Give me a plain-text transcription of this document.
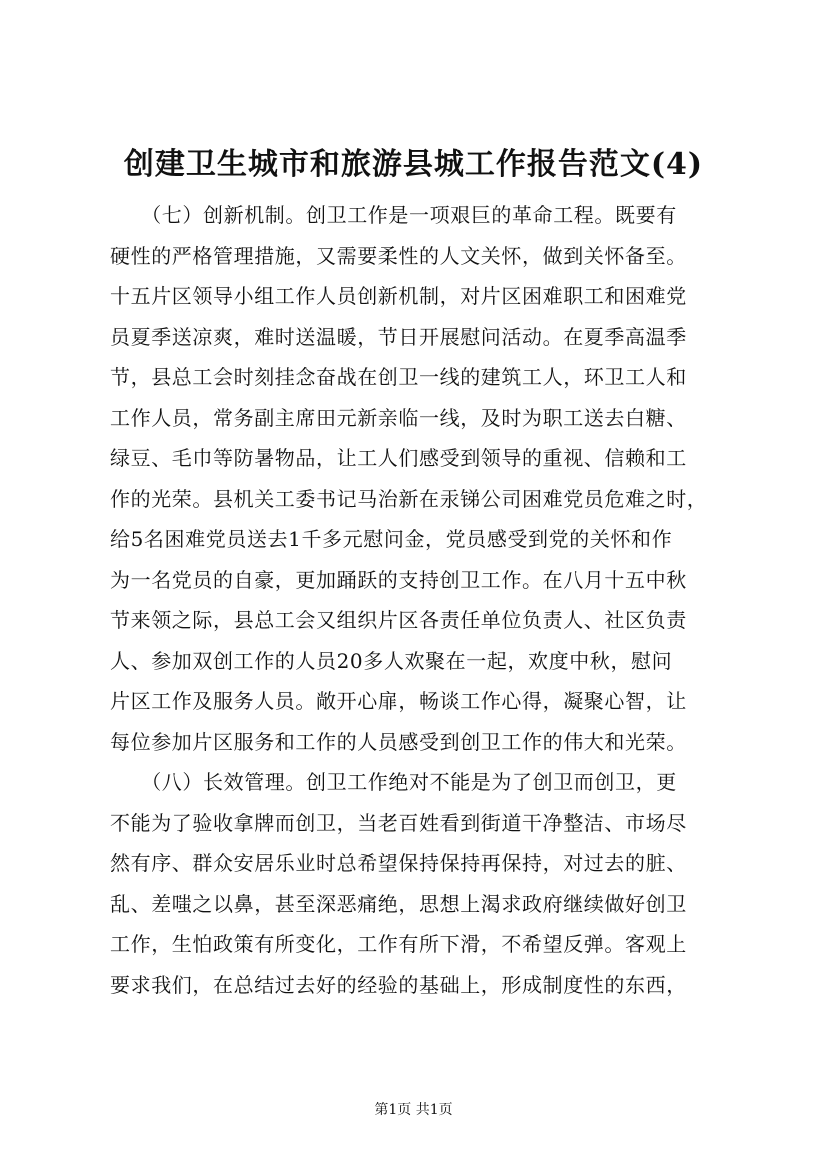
创建卫生城市和旅游县城工作报告范文(4)
　　（七）创新机制。创卫工作是一项艰巨的革命工程。既要有
硬性的严格管理措施，又需要柔性的人文关怀，做到关怀备至。
十五片区领导小组工作人员创新机制，对片区困难职工和困难党
员夏季送凉爽，难时送温暖，节日开展慰问活动。在夏季高温季
节，县总工会时刻挂念奋战在创卫一线的建筑工人，环卫工人和
工作人员，常务副主席田元新亲临一线，及时为职工送去白糖、
绿豆、毛巾等防暑物品，让工人们感受到领导的重视、信赖和工
作的光荣。县机关工委书记马治新在汞锑公司困难党员危难之时，
给5名困难党员送去1千多元慰问金，党员感受到党的关怀和作
为一名党员的自豪，更加踊跃的支持创卫工作。在八月十五中秋
节来领之际，县总工会又组织片区各责任单位负责人、社区负责
人、参加双创工作的人员20多人欢聚在一起，欢度中秋，慰问
片区工作及服务人员。敞开心扉，畅谈工作心得，凝聚心智，让
每位参加片区服务和工作的人员感受到创卫工作的伟大和光荣。
　　（八）长效管理。创卫工作绝对不能是为了创卫而创卫，更
不能为了验收拿牌而创卫，当老百姓看到街道干净整洁、市场尽
然有序、群众安居乐业时总希望保持保持再保持，对过去的脏、
乱、差嗤之以鼻，甚至深恶痛绝，思想上渴求政府继续做好创卫
工作，生怕政策有所变化，工作有所下滑，不希望反弹。客观上
要求我们，在总结过去好的经验的基础上，形成制度性的东西，
第1页 共1页
